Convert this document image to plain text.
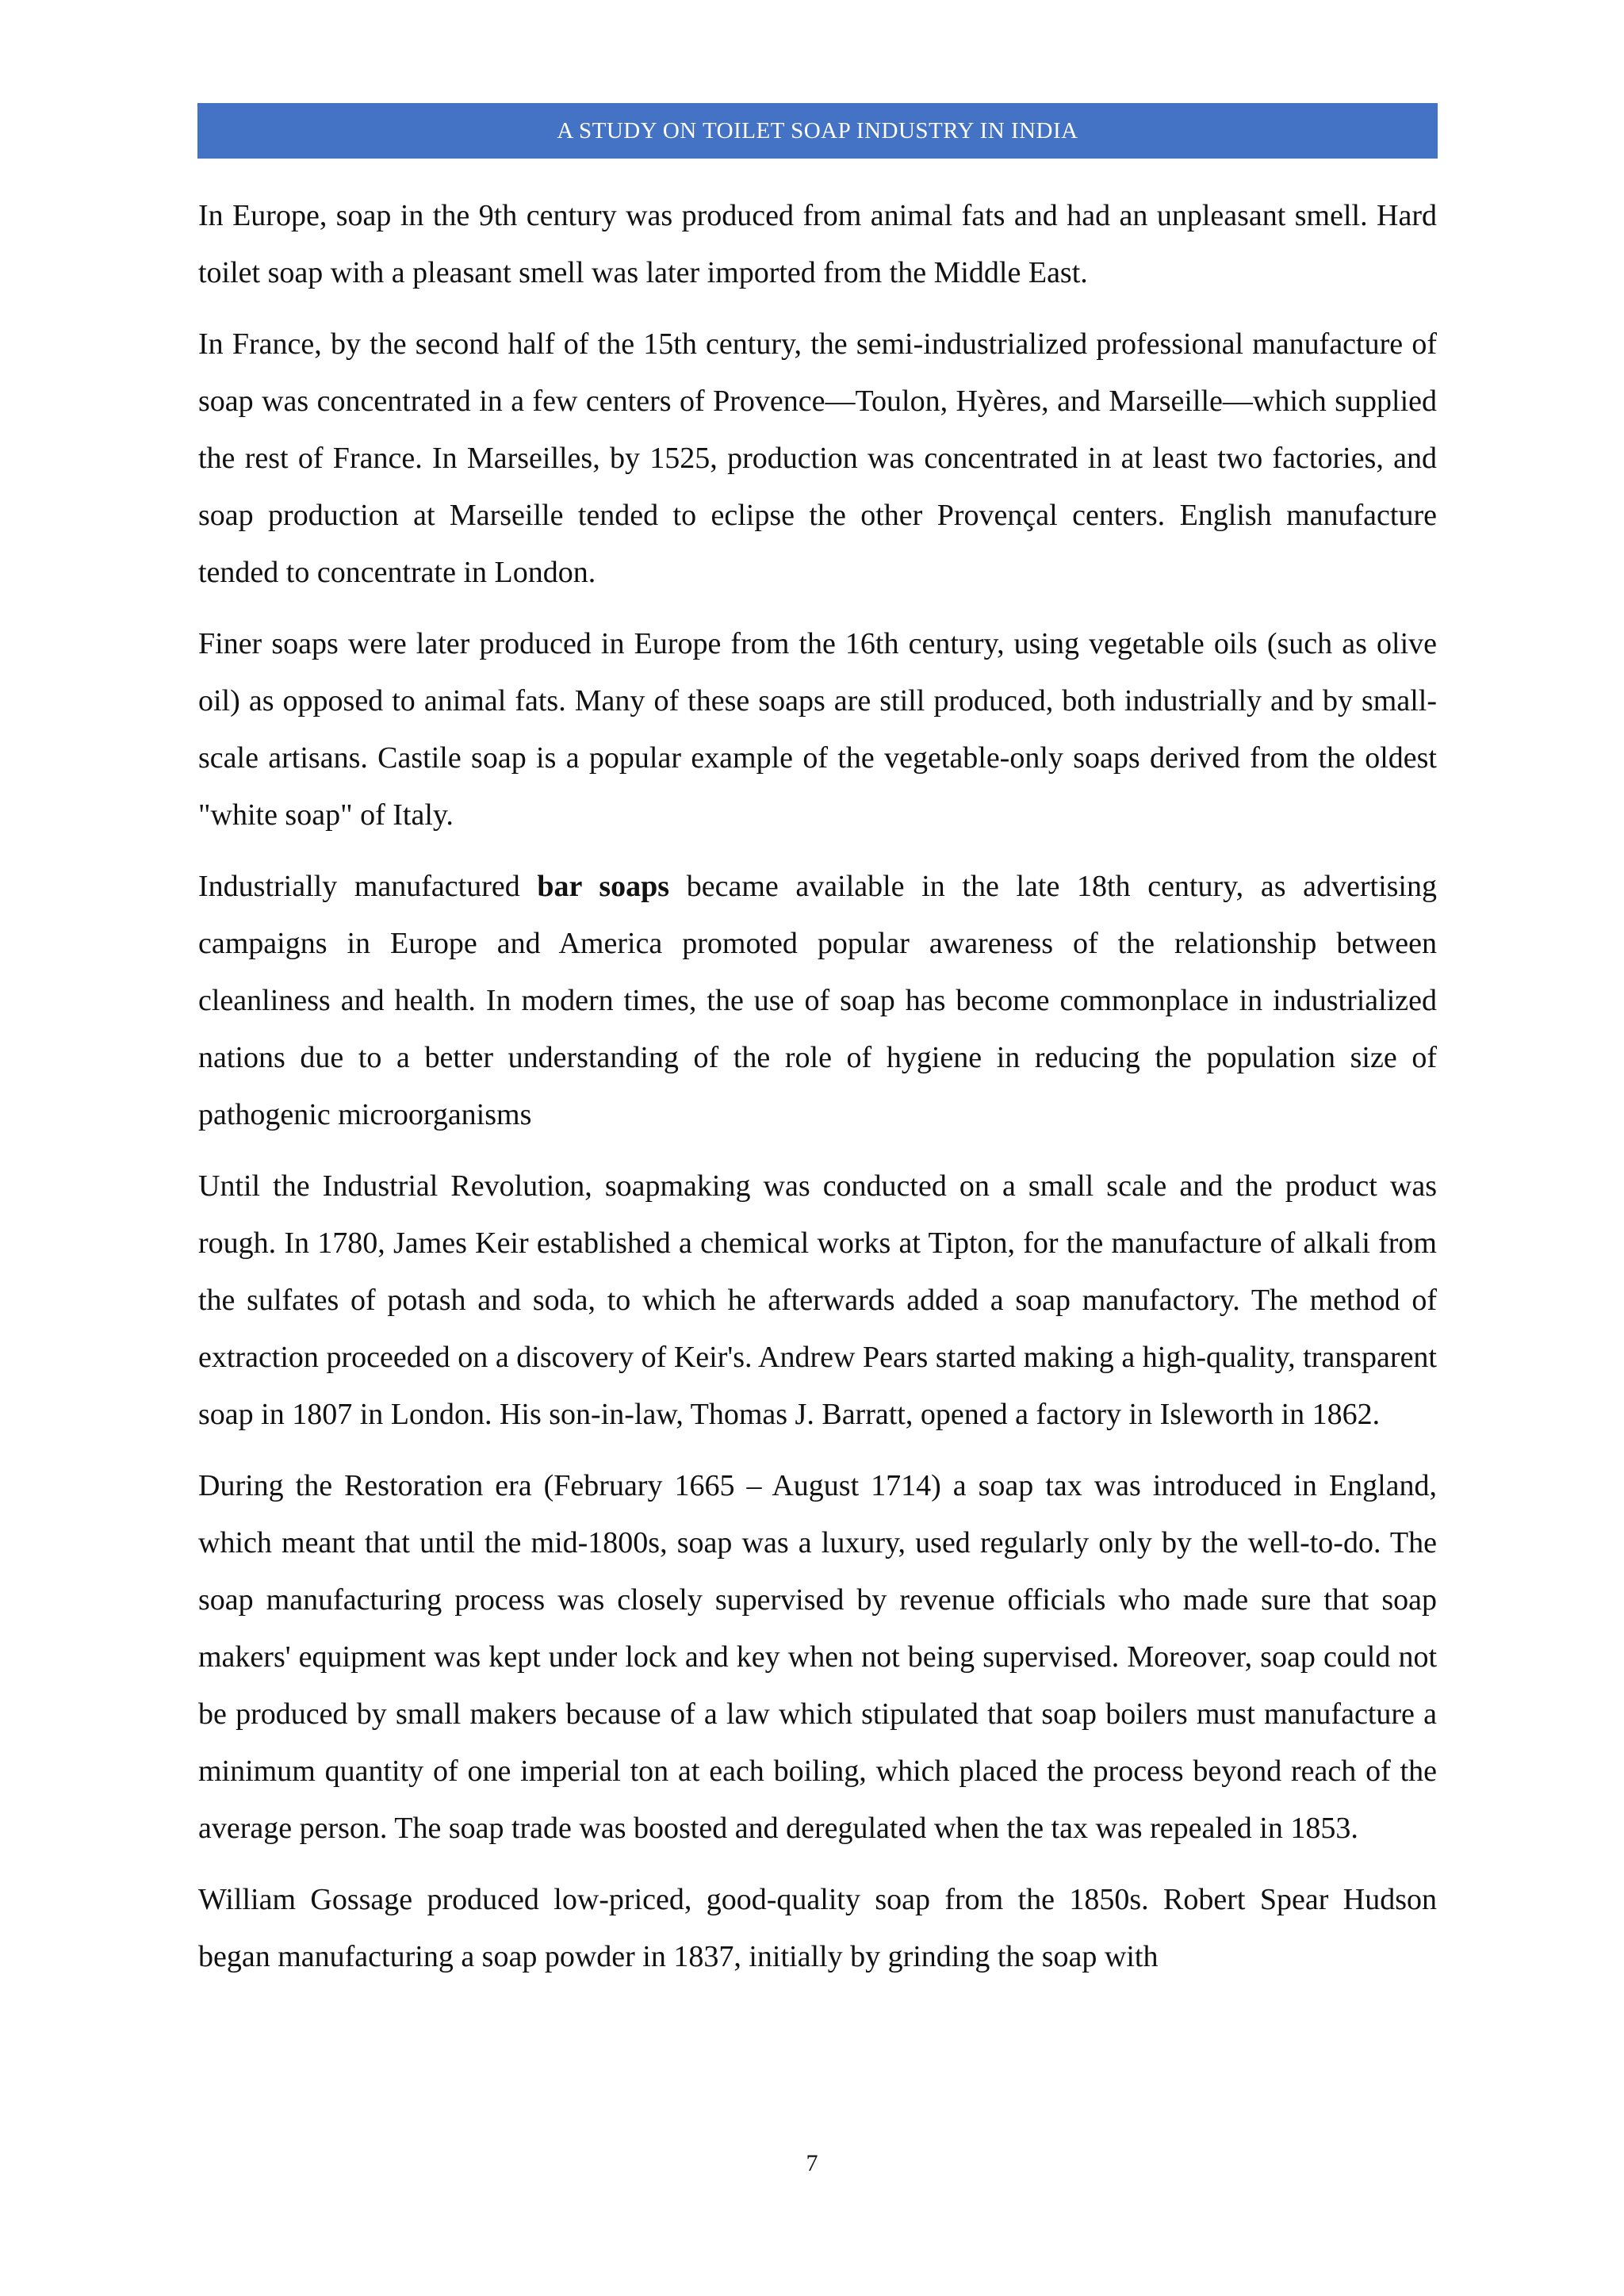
A STUDY ON TOILET SOAP INDUSTRY IN INDIA

In Europe, soap in the 9th century was produced from animal fats and had an unpleasant smell. Hard toilet soap with a pleasant smell was later imported from the Middle East.

In France, by the second half of the 15th century, the semi-industrialized professional manufacture of soap was concentrated in a few centers of Provence—Toulon, Hyères, and Marseille—which supplied the rest of France. In Marseilles, by 1525, production was concentrated in at least two factories, and soap production at Marseille tended to eclipse the other Provençal centers. English manufacture tended to concentrate in London.

Finer soaps were later produced in Europe from the 16th century, using vegetable oils (such as olive oil) as opposed to animal fats. Many of these soaps are still produced, both industrially and by small-scale artisans. Castile soap is a popular example of the vegetable-only soaps derived from the oldest "white soap" of Italy.

Industrially manufactured bar soaps became available in the late 18th century, as advertising campaigns in Europe and America promoted popular awareness of the relationship between cleanliness and health. In modern times, the use of soap has become commonplace in industrialized nations due to a better understanding of the role of hygiene in reducing the population size of pathogenic microorganisms

Until the Industrial Revolution, soapmaking was conducted on a small scale and the product was rough. In 1780, James Keir established a chemical works at Tipton, for the manufacture of alkali from the sulfates of potash and soda, to which he afterwards added a soap manufactory. The method of extraction proceeded on a discovery of Keir's. Andrew Pears started making a high-quality, transparent soap in 1807 in London. His son-in-law, Thomas J. Barratt, opened a factory in Isleworth in 1862.

During the Restoration era (February 1665 – August 1714) a soap tax was introduced in England, which meant that until the mid-1800s, soap was a luxury, used regularly only by the well-to-do. The soap manufacturing process was closely supervised by revenue officials who made sure that soap makers' equipment was kept under lock and key when not being supervised. Moreover, soap could not be produced by small makers because of a law which stipulated that soap boilers must manufacture a minimum quantity of one imperial ton at each boiling, which placed the process beyond reach of the average person. The soap trade was boosted and deregulated when the tax was repealed in 1853.

William Gossage produced low-priced, good-quality soap from the 1850s. Robert Spear Hudson began manufacturing a soap powder in 1837, initially by grinding the soap with

7
